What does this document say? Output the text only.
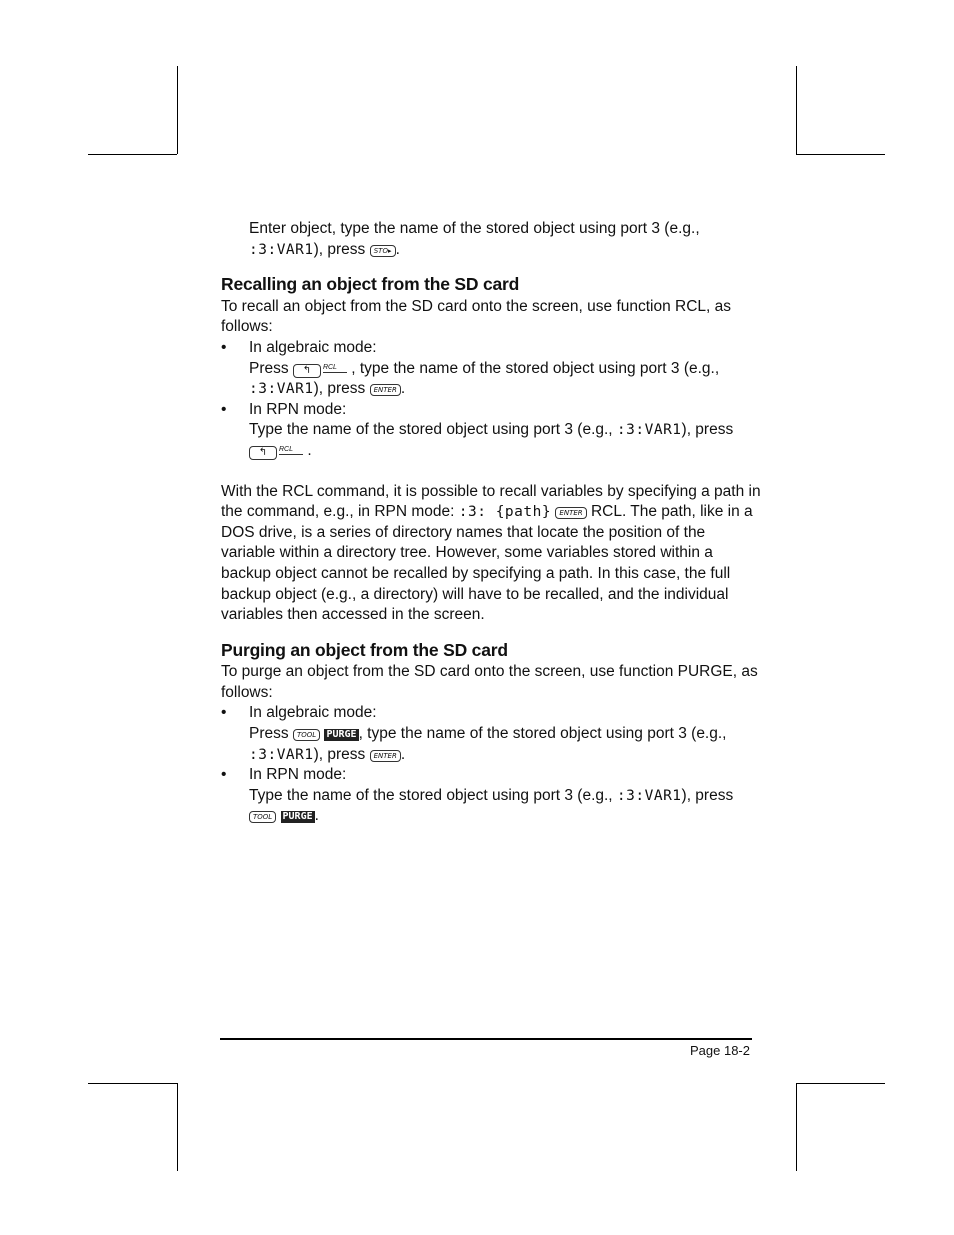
Enter object, type the name of the stored object using port 3 (e.g.,
:3:VAR1), press STO▸ .
Recalling an object from the SD card
To recall an object from the SD card onto the screen, use function RCL, as follows:
• In algebraic mode:
Press ↰ RCL , type the name of the stored object using port 3 (e.g.,
:3:VAR1), press ENTER .
• In RPN mode:
Type the name of the stored object using port 3 (e.g., :3:VAR1), press
↰ RCL .
With the RCL command, it is possible to recall variables by specifying a path in the command, e.g., in RPN mode: :3: {path} ENTER RCL. The path, like in a DOS drive, is a series of directory names that locate the position of the variable within a directory tree. However, some variables stored within a backup object cannot be recalled by specifying a path. In this case, the full backup object (e.g., a directory) will have to be recalled, and the individual variables then accessed in the screen.
Purging an object from the SD card
To purge an object from the SD card onto the screen, use function PURGE, as follows:
• In algebraic mode:
Press TOOL PURGE , type the name of the stored object using port 3 (e.g.,
:3:VAR1), press ENTER .
• In RPN mode:
Type the name of the stored object using port 3 (e.g., :3:VAR1), press
TOOL PURGE .
Page 18-2
